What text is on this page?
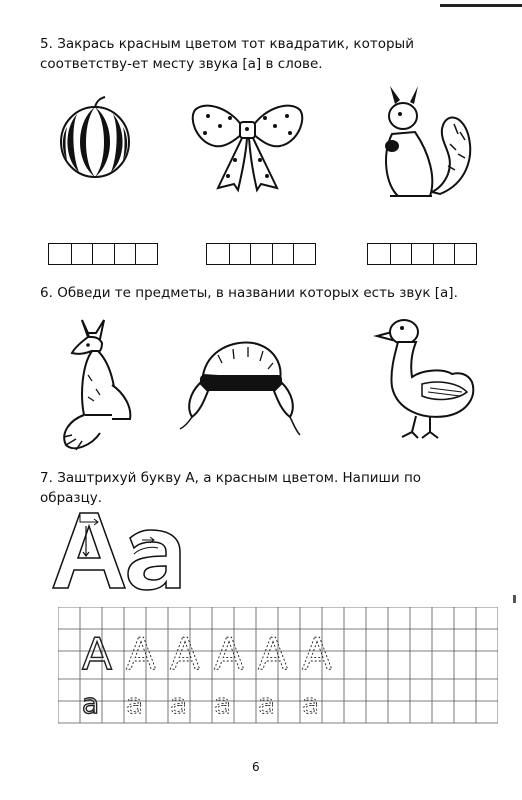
5. Закрась красным цветом тот квадратик, который соответству-ет месту звука [а] в слове.
6. Обведи те предметы, в названии которых есть звук [а].
7. Заштрихуй букву А, а красным цветом. Напиши по образцу.
А А А А А А
а а а а а а
6
